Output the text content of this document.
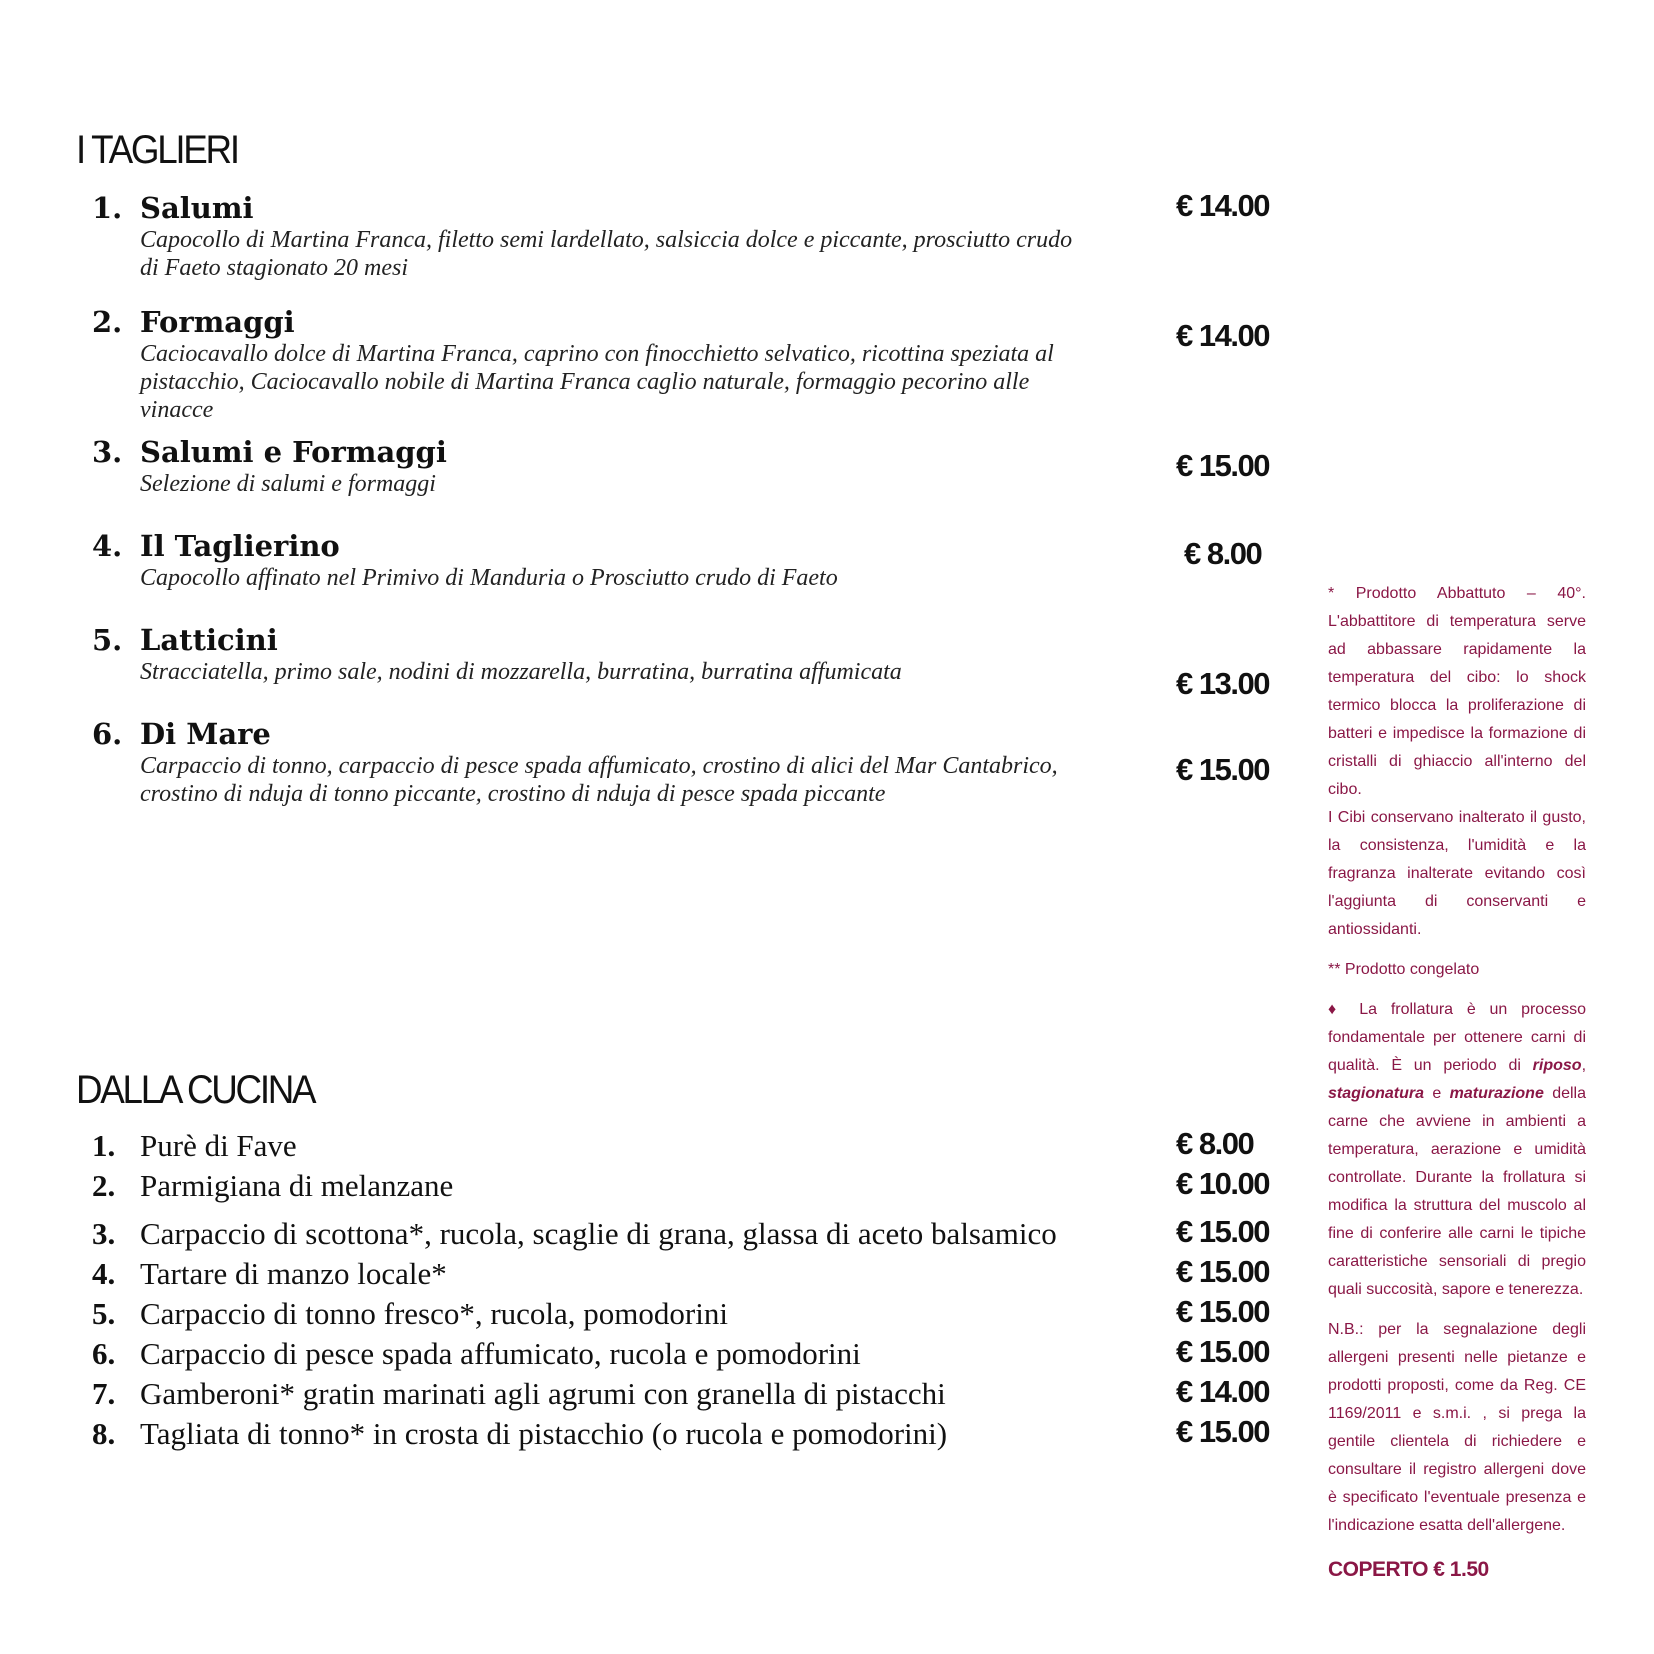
I TAGLIERI
1. Salumi
Capocollo di Martina Franca, filetto semi lardellato, salsiccia dolce e piccante, prosciutto crudo di Faeto stagionato 20 mesi
€ 14.00
2. Formaggi
Caciocavallo dolce di Martina Franca, caprino con finocchietto selvatico, ricottina speziata al pistacchio, Caciocavallo nobile di Martina Franca caglio naturale, formaggio pecorino alle vinacce
€ 14.00
3. Salumi e Formaggi
Selezione di salumi e formaggi
€ 15.00
4. Il Taglierino
Capocollo affinato nel Primivo di Manduria o Prosciutto crudo di Faeto
€ 8.00
5. Latticini
Stracciatella, primo sale, nodini di mozzarella, burratina, burratina affumicata	€ 13.00
6. Di Mare
Carpaccio di tonno, carpaccio di pesce spada affumicato, crostino di alici del Mar Cantabrico, crostino di nduja di tonno piccante, crostino di nduja di pesce spada piccante
€ 15.00
DALLA CUCINA
1. Purè di Fave	€ 8.00
2. Parmigiana di melanzane	€ 10.00
3. Carpaccio di scottona*, rucola, scaglie di grana, glassa di aceto balsamico	€ 15.00
4. Tartare di manzo locale*	€ 15.00
5. Carpaccio di tonno fresco*, rucola, pomodorini	€ 15.00
6. Carpaccio di pesce spada affumicato, rucola e pomodorini	€ 15.00
7. Gamberoni* gratin marinati agli agrumi con granella di pistacchi	€ 14.00
8. Tagliata di tonno* in crosta di pistacchio (o rucola e pomodorini)	€ 15.00

* Prodotto Abbattuto – 40°. L'abbattitore di temperatura serve ad abbassare rapidamente la temperatura del cibo: lo shock termico blocca la proliferazione di batteri e impedisce la formazione di cristalli di ghiaccio all'interno del cibo.

I Cibi conservano inalterato il gusto, la consistenza, l'umidità e la fragranza inalterate evitando così l'aggiunta di conservanti e antiossidanti.

** Prodotto congelato

♦ La frollatura è un processo fondamentale per ottenere carni di qualità. È un periodo di riposo, stagionatura e maturazione della carne che avviene in ambienti a temperatura, aerazione e umidità controllate. Durante la frollatura si modifica la struttura del muscolo al fine di conferire alle carni le tipiche caratteristiche sensoriali di pregio quali succosità, sapore e tenerezza.

N.B.: per la segnalazione degli allergeni presenti nelle pietanze e prodotti proposti, come da Reg. CE 1169/2011 e s.m.i. , si prega la gentile clientela di richiedere e consultare il registro allergeni dove è specificato l'eventuale presenza e l'indicazione esatta dell'allergene.

COPERTO € 1.50
